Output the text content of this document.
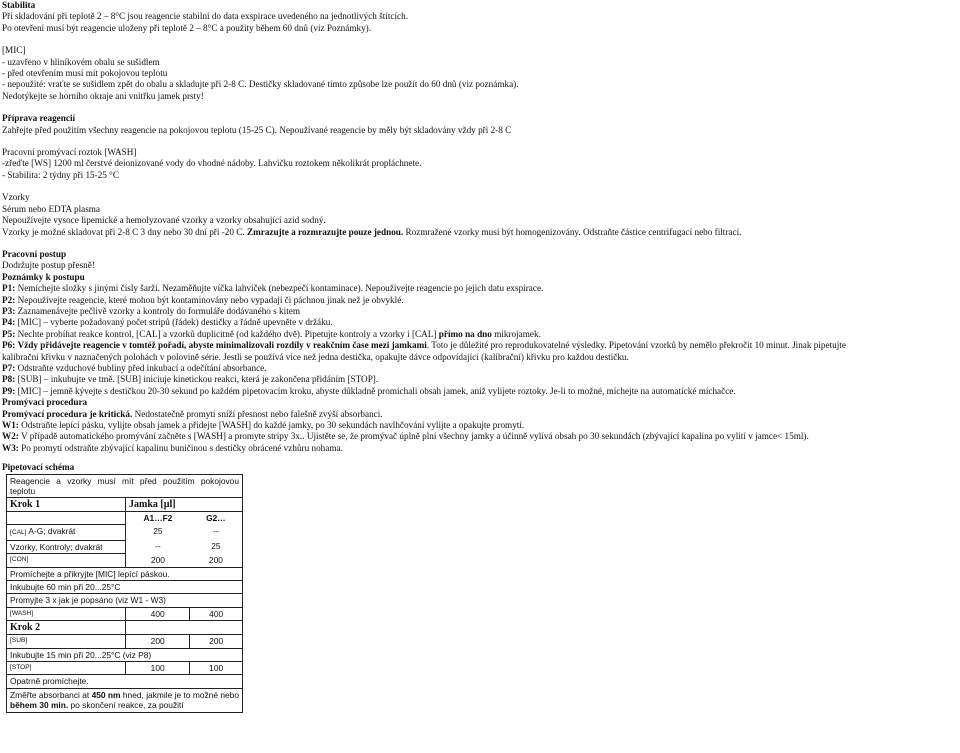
Stabilita
Při skladování při teplotě 2 – 8°C jsou reagencie stabilní do data exspirace uvedeného na jednotlivých štítcích.
Po otevření musí být reagencie uloženy při teplotě 2 – 8°C a použity během 60 dnů (viz Poznámky).
[MIC]
- uzavřeno v hliníkovém obalu se sušidlem
- před otevřením musí mít pokojovou teplotu
- nepoužité: vraťte se sušidlem zpět do obalu a skladujte při 2-8 C. Destičky skladované tímto způsobe lze použít do 60 dnů (viz poznámka).
Nedotýkejte se horního okraje ani vnitřku jamek prsty!
Příprava reagencií
Zahřejte před použitím všechny reagencie na pokojovou teplotu (15-25 C). Nepoužívané reagencie by měly být skladovány vždy při 2-8 C
Pracovní promývací roztok [WASH]
-zřeďte [WS] 1200 ml čerstvé deionizované vody do vhodné nádoby. Lahvičku roztokem několikrát propláchnete.
- Stabilita: 2 týdny při 15-25 °C
Vzorky
Sérum nebo EDTA plasma
Nepoužívejte vysoce lipemické a hemolyzované vzorky a vzorky obsahující azid sodný.
Vzorky je možné skladovat při 2-8 C 3 dny nebo 30 dní při -20 C. Zmrazujte a rozmrazujte pouze jednou. Rozmražené vzorky musí být homogenizovány. Odstraňte částice centrifugací nebo filtrací.
Pracovní postup
Dodržujte postup přesně!
Poznámky k postupu
P1: Nemíchejte složky s jinými čísly šarží. Nezaměňujte víčka lahviček (nebezpečí kontaminace). Nepoužívejte reagencie po jejich datu exspirace.
P2: Nepoužívejte reagencie, které mohou být kontaminovány nebo vypadají či páchnou jinak než je obvyklé.
P3: Zaznamenávejte pečlivě vzorky a kontroly do formuláře dodávaného s kitem
P4: [MIC] – vyberte požadovaný počet stripů (řádek) destičky a řádně upevněte v držáku.
P5: Nechte probíhat reakce kontrol, [CAL] a vzorků duplicitně (od každého dvě). Pipetujte kontroly a vzorky i [CAL] přímo na dno mikrojamek.
P6: Vždy přidávejte reagencie v tomtéž pořadí, abyste minimalizovali rozdíly v reakčním čase mezi jamkami. Toto je důležité pro reprodukovatelné výsledky. Pipetování vzorků by nemělo překročit 10 minut. Jinak pipetujte
kalibrační křivku v naznačených polohách v polovině série. Jestli se používá více než jedna destička, opakujte dávce odpovídající (kalibrační) křivku pro každou destičku.
P7: Odstraňte vzduchové bubliny před inkubací a odečítání absorbance.
P8: [SUB] – inkubujte ve tmě. [SUB] iniciuje kinetickou reakci, která je zakončena přidáním [STOP].
P9: [MIC] – jemně kývejte s destičkou 20-30 sekund po každém pipetovacím kroku, abyste důkladně promíchali obsah jamek, aniž vylijete roztoky. Je-li to možné, míchejte na automatické míchačce.
Promývací procedura
Promývací procedura je kritická. Nedostatečně promytí sníží přesnost nebo falešně zvýší absorbanci.
W1: Odstraňte lepící pásku, vylijte obsah jamek a přidejte [WASH] do každé jamky, po 30 sekundách navlhčování vylijte a opakujte promytí.
W2: V případě automatického promývání začněte s [WASH] a promyte stripy 3x.. Ujistěte se, že promývač úplně plní všechny jamky a účinně vylívá obsah po 30 sekundách (zbývající kapalina po vylití v jamce< 15ml).
W3: Po promytí odstraňte zbývající kapalinu buničinou s destičky obrácené vzhůru nohama.
Pipetovací schéma
Reagencie a vzorky musí mít před použitím pokojovou teplotu		
Krok 1	Jamka [µl]	
	A1…F2	G2…
[CAL] A-G; dvakrát	25	--
Vzorky, Kontroly; dvakrát	--	25
[CON]	200	200
Promíchejte a přikryjte [MIC] lepící páskou.		
Inkubujte 60 min při 20...25°C		
Promyjte 3 x jak je popsáno (viz W1 - W3)		
[WASH]	400	400
Krok 2		
[SUB]	200	200
Inkubujte 15 min při 20...25°C (viz P8)		
[STOP]	100	100
Opatrně promíchejte.		
Změřte absorbanci at 450 nm hned, jakmile je to možné nebo během 30 min. po skončení reakce, za použití		
